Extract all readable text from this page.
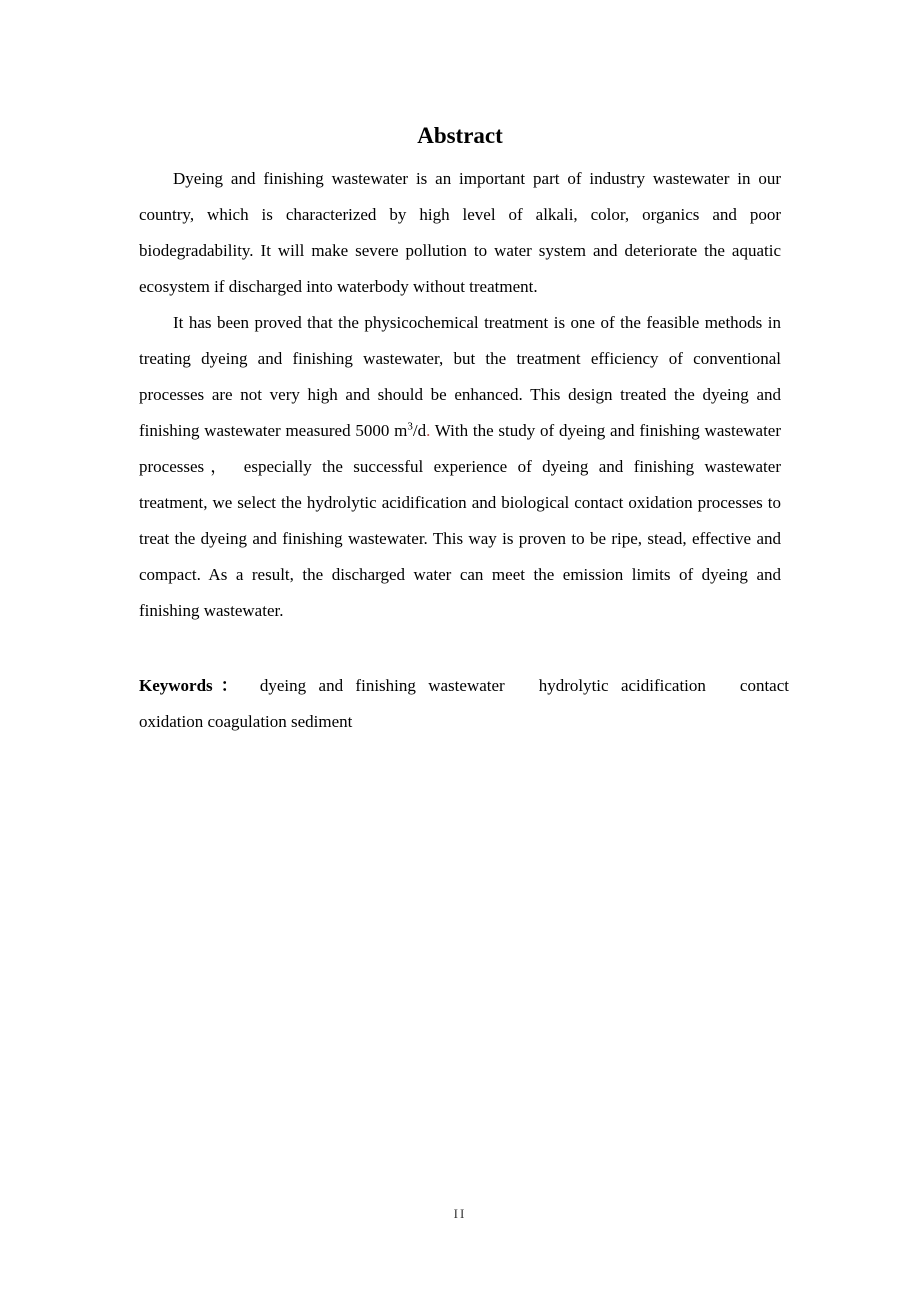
Abstract

Dyeing and finishing wastewater is an important part of industry wastewater in our country, which is characterized by high level of alkali, color, organics and poor biodegradability. It will make severe pollution to water system and deteriorate the aquatic ecosystem if discharged into waterbody without treatment.

It has been proved that the physicochemical treatment is one of the feasible methods in treating dyeing and finishing wastewater, but the treatment efficiency of conventional processes are not very high and should be enhanced. This design treated the dyeing and finishing wastewater measured 5000 $m^3/d$. With the study of dyeing and finishing wastewater processes， especially the successful experience of dyeing and finishing wastewater treatment, we select the hydrolytic acidification and biological contact oxidation processes to treat the dyeing and finishing wastewater. This way is proven to be ripe, stead, effective and compact. As a result, the discharged water can meet the emission limits of dyeing and finishing wastewater.

Keywords： dyeing and finishing wastewater hydrolytic acidification contact oxidation coagulation sediment

II
